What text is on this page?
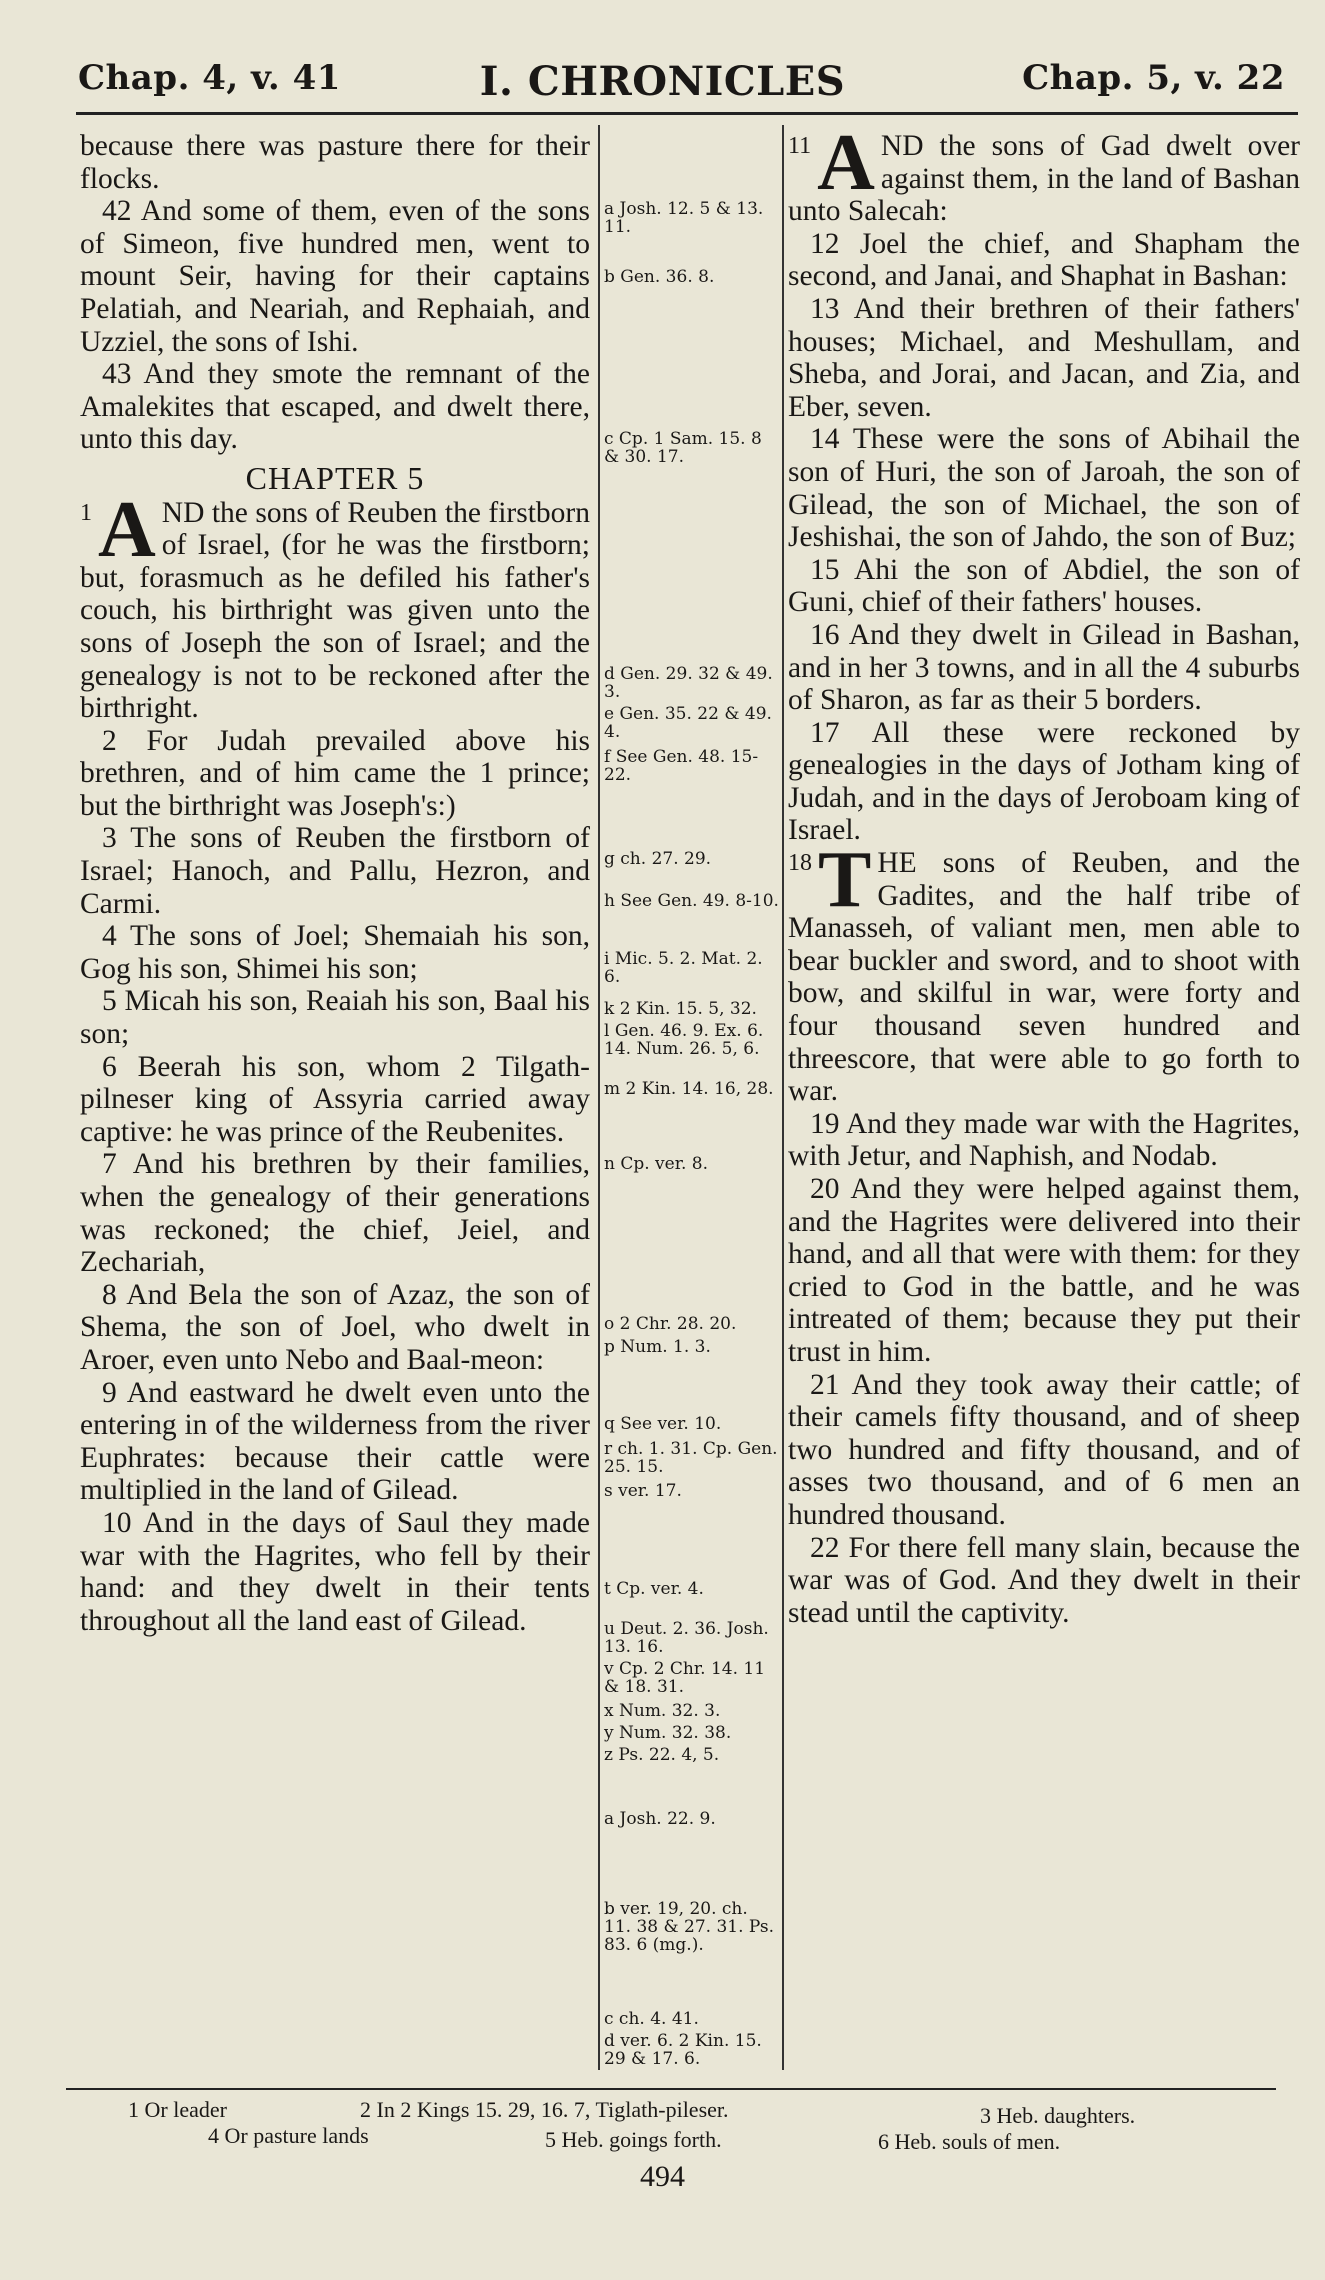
Chap. 4, v. 41	I. CHRONICLES	Chap. 5, v. 22

because there was pasture there for their flocks.

42 And some of them, even of the sons of Simeon, five hundred men, went to mount Seir, having for their captains Pelatiah, and Neariah, and Rephaiah, and Uzziel, the sons of Ishi.

43 And they smote the remnant of the Amalekites that escaped, and dwelt there, unto this day.

CHAPTER 5

1 A ND the sons of Reuben the firstborn of Israel, (for he was the firstborn; but, forasmuch as he defiled his father's couch, his birthright was given unto the sons of Joseph the son of Israel; and the genealogy is not to be reckoned after the birthright.

2 For Judah prevailed above his brethren, and of him came the 1 prince; but the birthright was Joseph's:)

3 The sons of Reuben the firstborn of Israel; Hanoch, and Pallu, Hezron, and Carmi.

4 The sons of Joel; Shemaiah his son, Gog his son, Shimei his son;

5 Micah his son, Reaiah his son, Baal his son;

6 Beerah his son, whom 2 Tilgath-pilneser king of Assyria carried away captive: he was prince of the Reubenites.

7 And his brethren by their families, when the genealogy of their generations was reckoned; the chief, Jeiel, and Zechariah,

8 And Bela the son of Azaz, the son of Shema, the son of Joel, who dwelt in Aroer, even unto Nebo and Baal-meon:

9 And eastward he dwelt even unto the entering in of the wilderness from the river Euphrates: because their cattle were multiplied in the land of Gilead.

10 And in the days of Saul they made war with the Hagrites, who fell by their hand: and they dwelt in their tents throughout all the land east of Gilead.

a Josh. 12. 5 & 13. 11.
b Gen. 36. 8.
c Cp. 1 Sam. 15. 8 & 30. 17.
d Gen. 29. 32 & 49. 3.
e Gen. 35. 22 & 49. 4.
f See Gen. 48. 15-22.
g ch. 27. 29.
h See Gen. 49. 8-10.
i Mic. 5. 2. Mat. 2. 6.
k 2 Kin. 15. 5, 32.
l Gen. 46. 9. Ex. 6. 14. Num. 26. 5, 6.
m 2 Kin. 14. 16, 28.
n Cp. ver. 8.
o 2 Chr. 28. 20.
p Num. 1. 3.
q See ver. 10.
r ch. 1. 31. Cp. Gen. 25. 15.
s ver. 17.
t Cp. ver. 4.
u Deut. 2. 36. Josh. 13. 16.
v Cp. 2 Chr. 14. 11 & 18. 31.
x Num. 32. 3.
y Num. 32. 38.
z Ps. 22. 4, 5.
a Josh. 22. 9.
b ver. 19, 20. ch. 11. 38 & 27. 31. Ps. 83. 6 (mg.).
c ch. 4. 41.
d ver. 6. 2 Kin. 15. 29 & 17. 6.

11 A ND the sons of Gad dwelt over against them, in the land of Bashan unto Salecah:

12 Joel the chief, and Shapham the second, and Janai, and Shaphat in Bashan:

13 And their brethren of their fathers' houses; Michael, and Meshullam, and Sheba, and Jorai, and Jacan, and Zia, and Eber, seven.

14 These were the sons of Abihail the son of Huri, the son of Jaroah, the son of Gilead, the son of Michael, the son of Jeshishai, the son of Jahdo, the son of Buz;

15 Ahi the son of Abdiel, the son of Guni, chief of their fathers' houses.

16 And they dwelt in Gilead in Bashan, and in her 3 towns, and in all the 4 suburbs of Sharon, as far as their 5 borders.

17 All these were reckoned by genealogies in the days of Jotham king of Judah, and in the days of Jeroboam king of Israel.

18 T HE sons of Reuben, and the Gadites, and the half tribe of Manasseh, of valiant men, men able to bear buckler and sword, and to shoot with bow, and skilful in war, were forty and four thousand seven hundred and threescore, that were able to go forth to war.

19 And they made war with the Hagrites, with Jetur, and Naphish, and Nodab.

20 And they were helped against them, and the Hagrites were delivered into their hand, and all that were with them: for they cried to God in the battle, and he was intreated of them; because they put their trust in him.

21 And they took away their cattle; of their camels fifty thousand, and of sheep two hundred and fifty thousand, and of asses two thousand, and of 6 men an hundred thousand.

22 For there fell many slain, because the war was of God. And they dwelt in their stead until the captivity.

1 Or leader	2 In 2 Kings 15. 29, 16. 7, Tiglath-pileser.	3 Heb. daughters.
4 Or pasture lands	5 Heb. goings forth.	6 Heb. souls of men.
494
